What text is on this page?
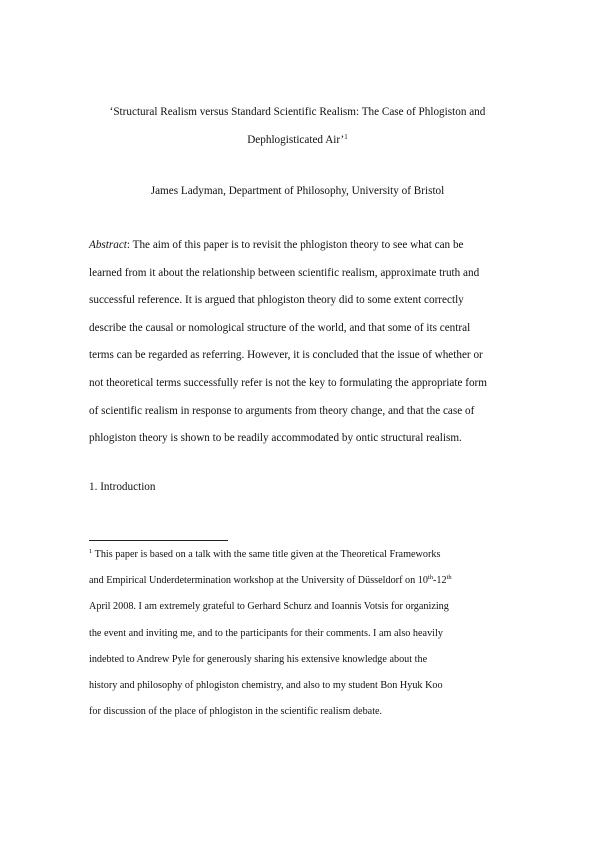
‘Structural Realism versus Standard Scientific Realism: The Case of Phlogiston and
Dephlogisticated Air’$^1$
James Ladyman, Department of Philosophy, University of Bristol
Abstract: The aim of this paper is to revisit the phlogiston theory to see what can be
learned from it about the relationship between scientific realism, approximate truth and
successful reference. It is argued that phlogiston theory did to some extent correctly
describe the causal or nomological structure of the world, and that some of its central
terms can be regarded as referring. However, it is concluded that the issue of whether or
not theoretical terms successfully refer is not the key to formulating the appropriate form
of scientific realism in response to arguments from theory change, and that the case of
phlogiston theory is shown to be readily accommodated by ontic structural realism.
1. Introduction
$^1$ This paper is based on a talk with the same title given at the Theoretical Frameworks
and Empirical Underdetermination workshop at the University of Düsseldorf on 10th-12th
April 2008. I am extremely grateful to Gerhard Schurz and Ioannis Votsis for organizing
the event and inviting me, and to the participants for their comments. I am also heavily
indebted to Andrew Pyle for generously sharing his extensive knowledge about the
history and philosophy of phlogiston chemistry, and also to my student Bon Hyuk Koo
for discussion of the place of phlogiston in the scientific realism debate.
